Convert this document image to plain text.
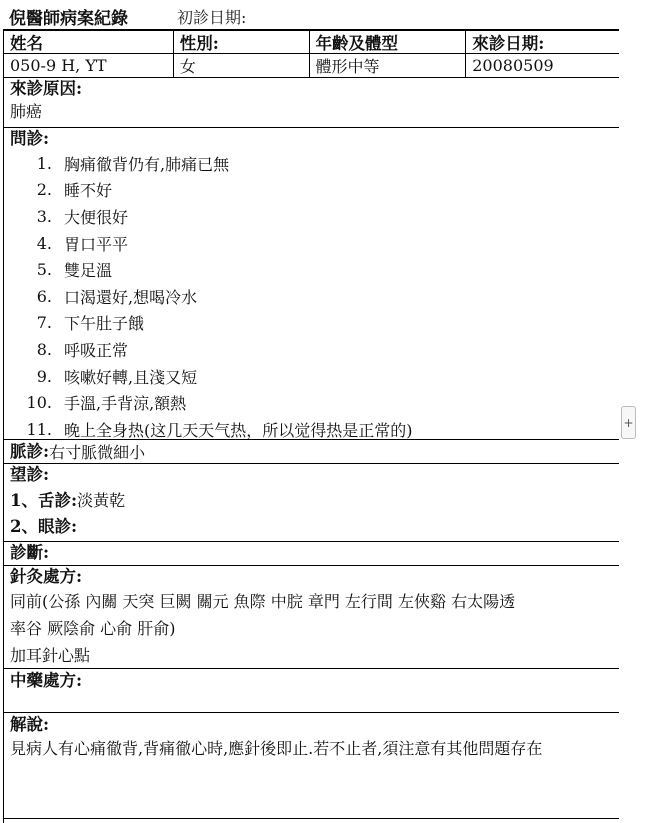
倪醫師病案紀錄	初診日期:
姓名	性別:	年齡及體型	來診日期:
050-9 H, YT	女	體形中等	20080509
來診原因:
肺癌
問診:
1. 胸痛徹背仍有,肺痛已無
2. 睡不好
3. 大便很好
4. 胃口平平
5. 雙足溫
6. 口渴還好,想喝冷水
7. 下午肚子餓
8. 呼吸正常
9. 咳嗽好轉,且淺又短
10. 手溫,手背涼,額熱
11. 晚上全身热(这几天天气热，所以觉得热是正常的)
脈診: 右寸脈微細小
望診:
1、舌診: 淡黃乾
2、眼診:
診斷:
針灸處方:
同前(公孫 內關 天突 巨闕 關元 魚際 中脘 章門 左行間 左俠谿 右太陽透
率谷 厥陰俞 心俞 肝俞)
加耳針心點
中藥處方:
解說:
見病人有心痛徹背,背痛徹心時,應針後即止.若不止者,須注意有其他問題存在
+
